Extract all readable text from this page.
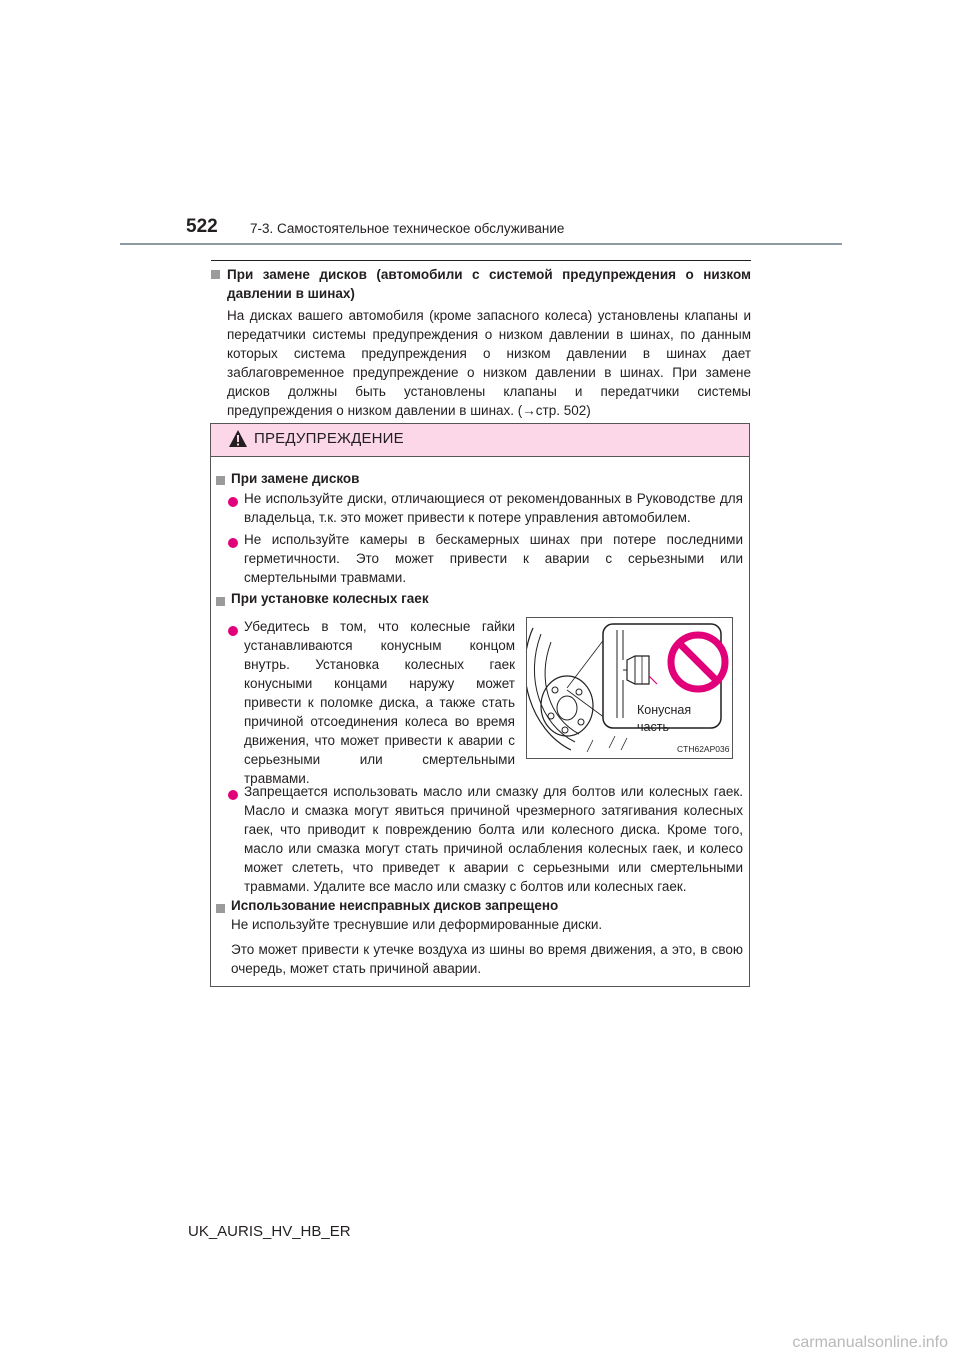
522 7-3. Самостоятельное техническое обслуживание
При замене дисков (автомобили с системой предупреждения о низком
давлении в шинах)
На дисках вашего автомобиля (кроме запасного колеса) установлены клапаны и
передатчики системы предупреждения о низком давлении в шинах, по данным
которых система предупреждения о низком давлении в шинах дает
заблаговременное предупреждение о низком давлении в шинах. При замене
дисков должны быть установлены клапаны и передатчики системы
предупреждения о низком давлении в шинах. (→стр. 502)
ПРЕДУПРЕЖДЕНИЕ
При замене дисков
Не используйте диски, отличающиеся от рекомендованных в Руководстве для
владельца, т.к. это может привести к потере управления автомобилем.
Не используйте камеры в бескамерных шинах при потере последними
герметичности. Это может привести к аварии с серьезными или
смертельными травмами.
При установке колесных гаек
Убедитесь в том, что колесные гайки
устанавливаются конусным концом
внутрь. Установка колесных гаек
конусными концами наружу может
привести к поломке диска, а также стать
причиной отсоединения колеса во время
движения, что может привести к аварии с
серьезными или смертельными
травмами.
Конусная
часть
CTH62AP036
Запрещается использовать масло или смазку для болтов или колесных гаек.
Масло и смазка могут явиться причиной чрезмерного затягивания колесных
гаек, что приводит к повреждению болта или колесного диска. Кроме того,
масло или смазка могут стать причиной ослабления колесных гаек, и колесо
может слететь, что приведет к аварии с серьезными или смертельными
травмами. Удалите все масло или смазку с болтов или колесных гаек.
Использование неисправных дисков запрещено
Не используйте треснувшие или деформированные диски.
Это может привести к утечке воздуха из шины во время движения, а это, в свою
очередь, может стать причиной аварии.
UK_AURIS_HV_HB_ER
carmanualsonline.info
